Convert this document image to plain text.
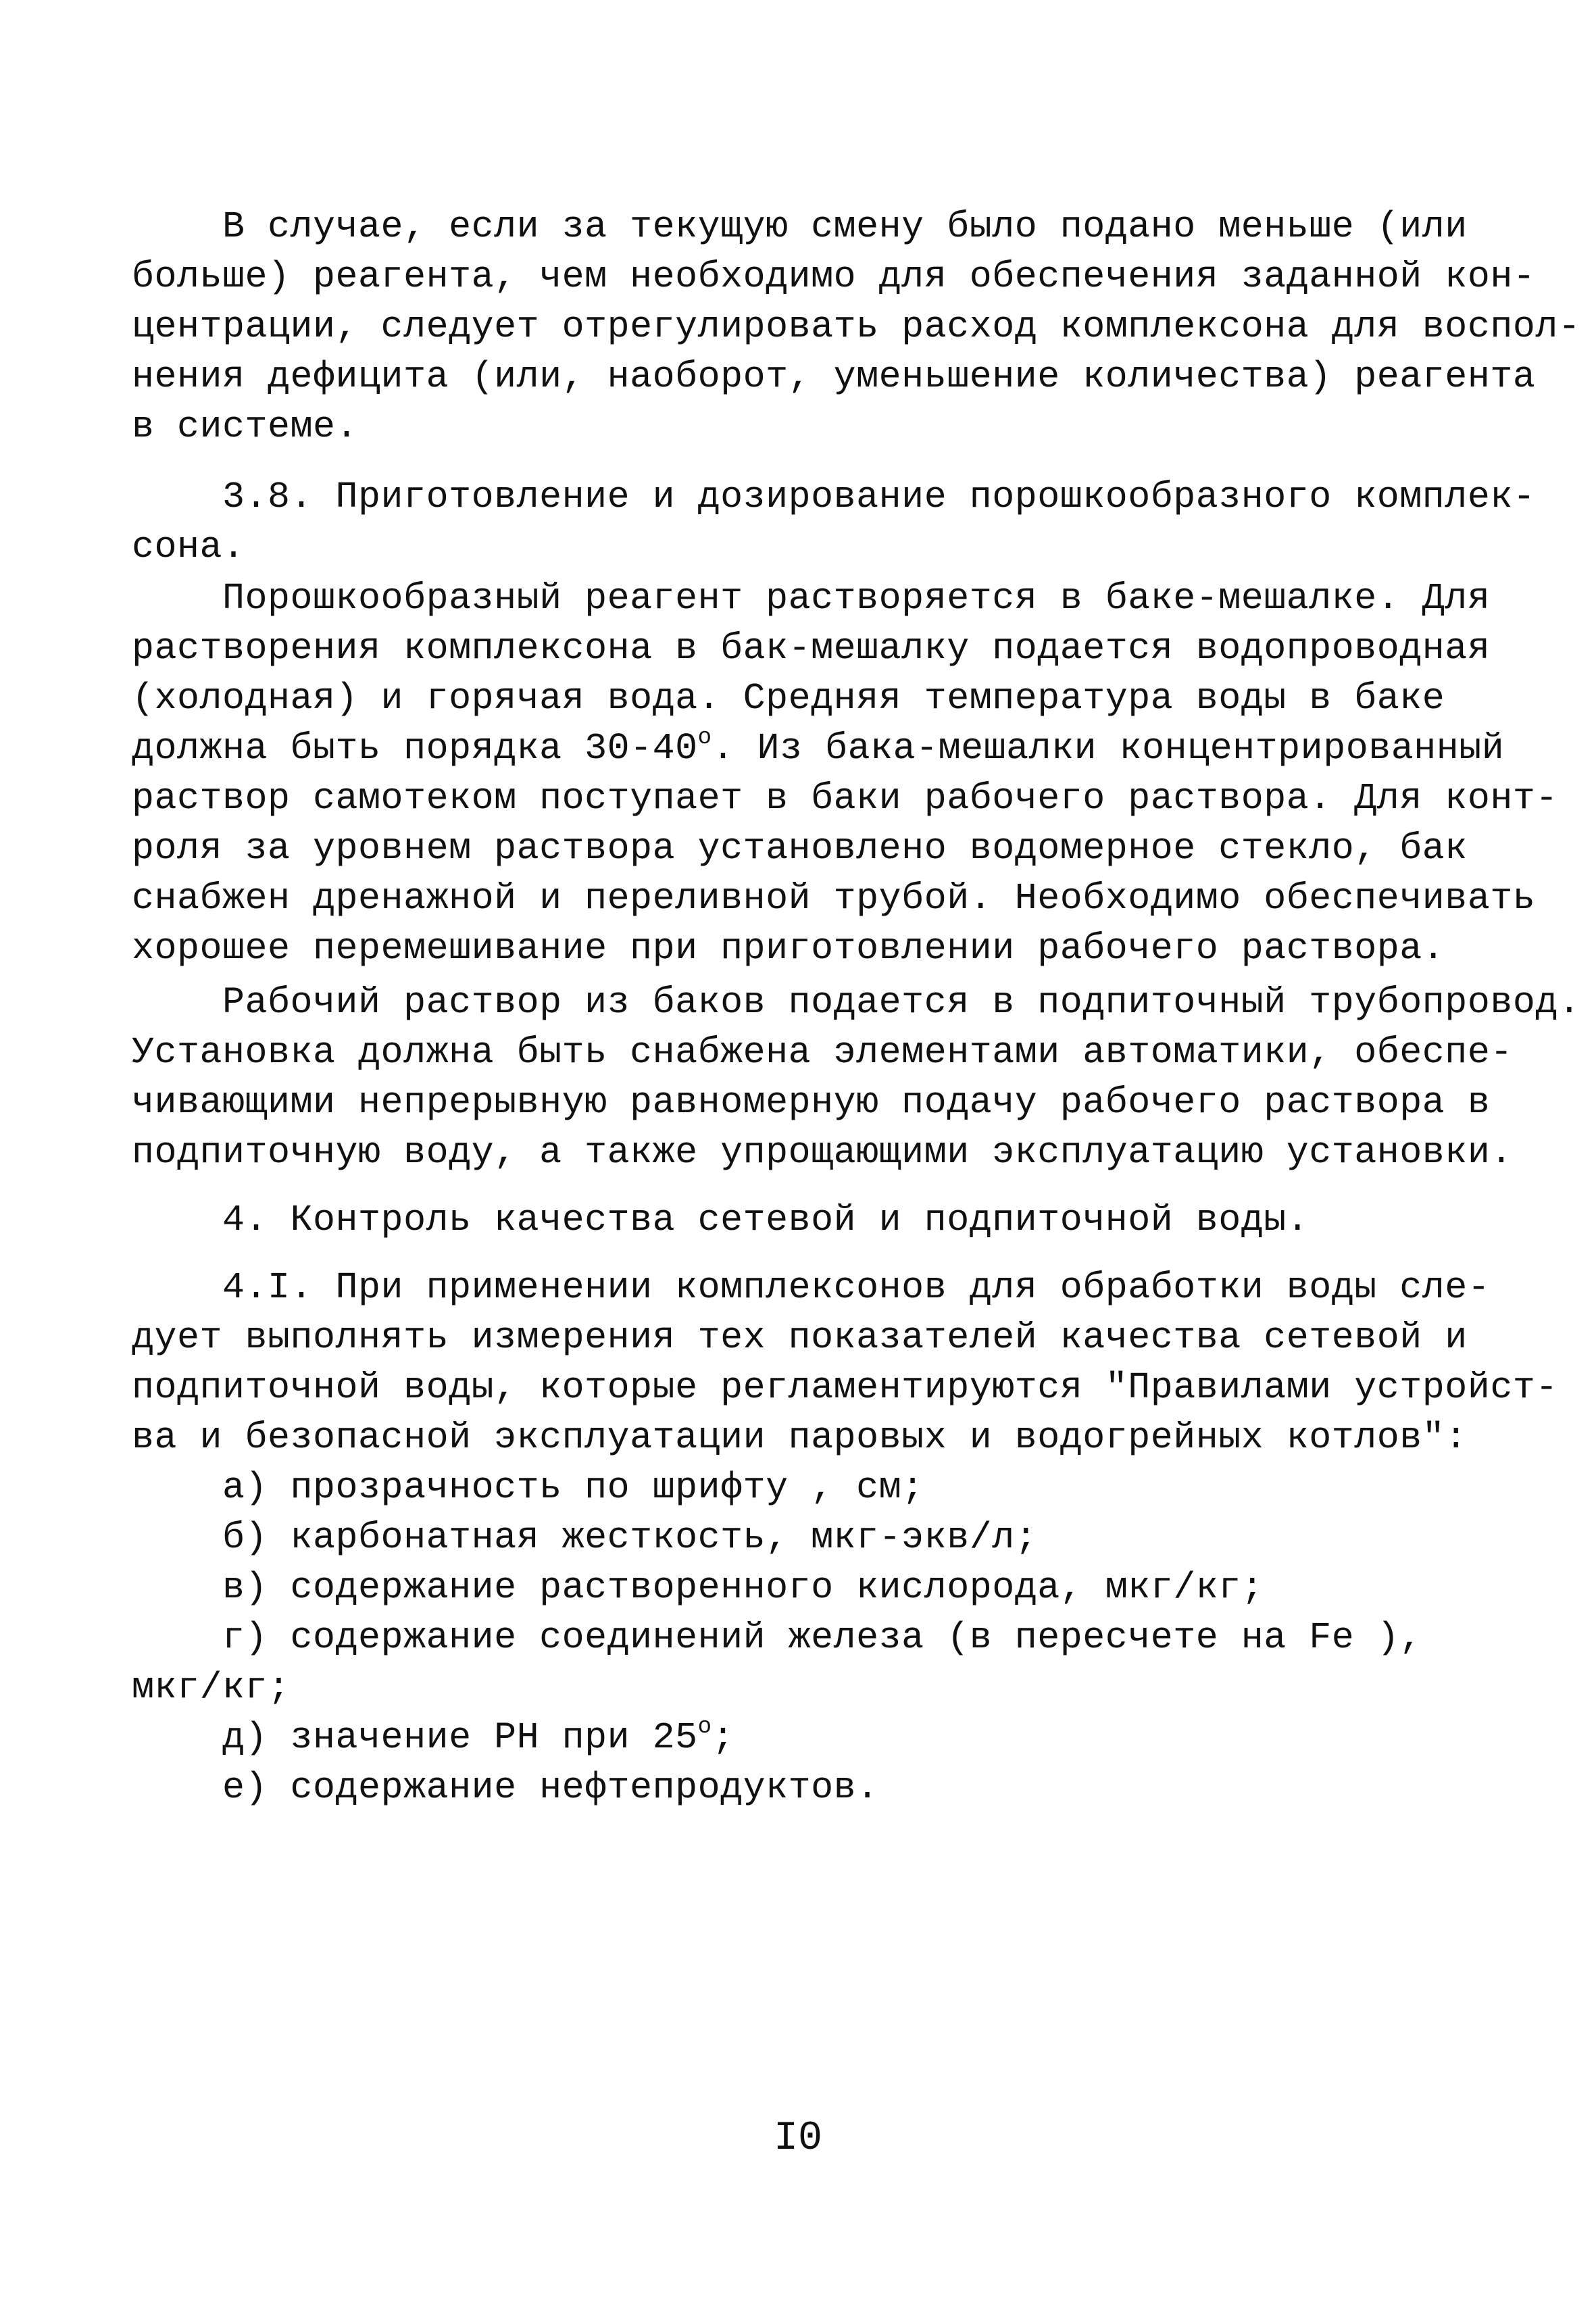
В случае, если за текущую смену было подано меньше (или
больше) реагента, чем необходимо для обеспечения заданной кон-
центрации, следует отрегулировать расход комплексона для воспол-
нения дефицита (или, наоборот, уменьшение количества) реагента
в системе.
3.8. Приготовление и дозирование порошкообразного комплек-
сона.
Порошкообразный реагент растворяется в баке-мешалке. Для
растворения комплексона в бак-мешалку подается водопроводная
(холодная) и горячая вода. Средняя температура воды в баке
должна быть порядка $30-40^о$. Из бака-мешалки концентрированный
раствор самотеком поступает в баки рабочего раствора. Для конт-
роля за уровнем раствора установлено водомерное стекло, бак
снабжен дренажной и переливной трубой. Необходимо обеспечивать
хорошее перемешивание при приготовлении рабочего раствора.
Рабочий раствор из баков подается в подпиточный трубопровод.
Установка должна быть снабжена элементами автоматики, обеспе-
чивающими непрерывную равномерную подачу рабочего раствора в
подпиточную воду, а также упрощающими эксплуатацию установки.
4. Контроль качества сетевой и подпиточной воды.
4.I. При применении комплексонов для обработки воды сле-
дует выполнять измерения тех показателей качества сетевой и
подпиточной воды, которые регламентируются "Правилами устройст-
ва и безопасной эксплуатации паровых и водогрейных котлов":
а) прозрачность по шрифту , см;
б) карбонатная жесткость, мкг-экв/л;
в) содержание растворенного кислорода, мкг/кг;
г) содержание соединений железа (в пересчете на Fe ),
мкг/кг;
д) значение РН при $25^о$;
е) содержание нефтепродуктов.
I0
